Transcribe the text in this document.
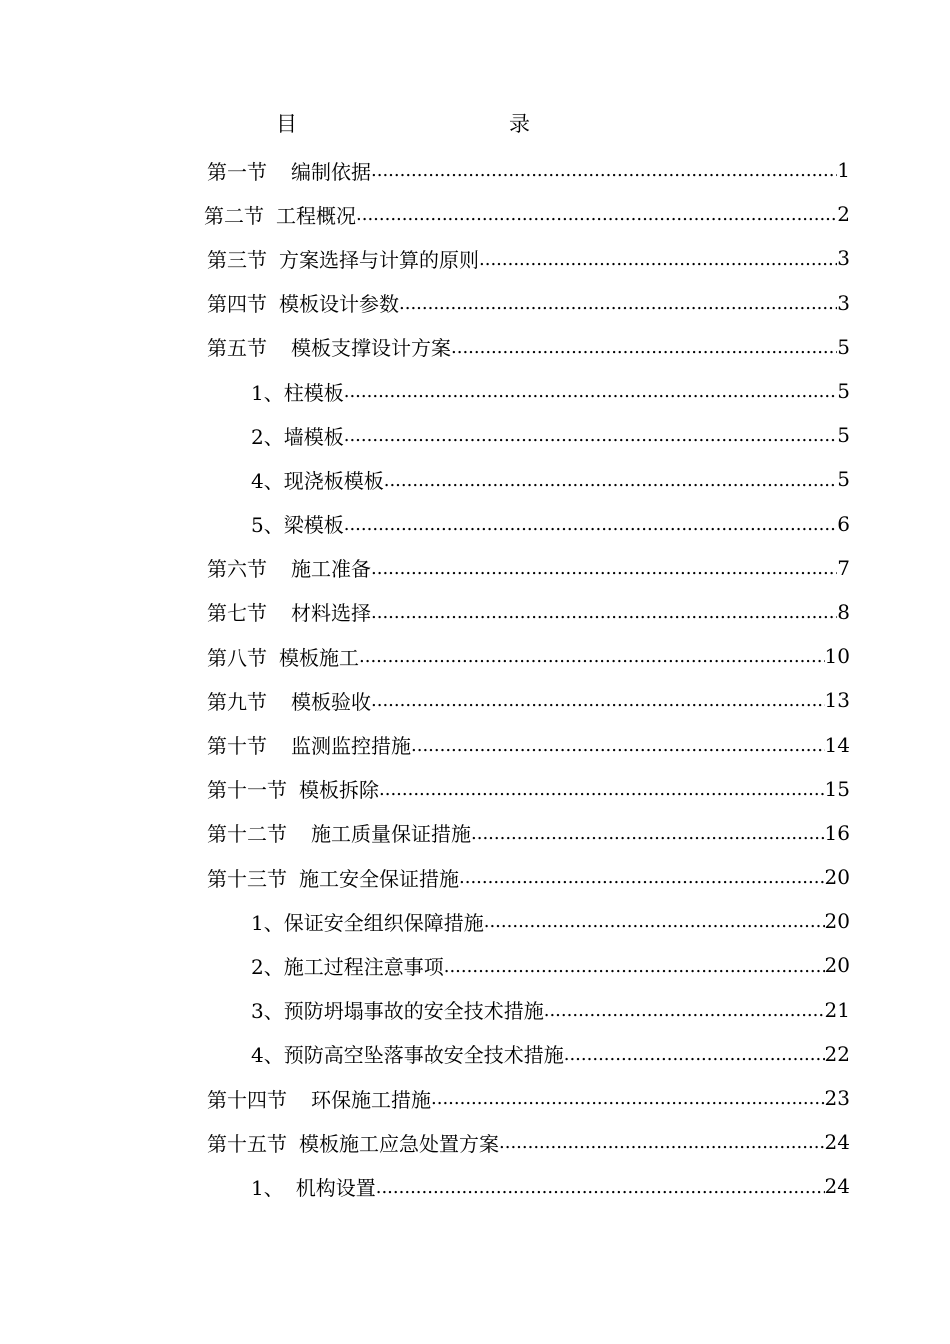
目	录
第一节 编制依据 .....	1
第二节 工程概况 .....	2
第三节 方案选择与计算的原则 .....	3
第四节 模板设计参数 .....	3
第五节 模板支撑设计方案 .....	5
1、柱模板 .....	5
2、墙模板 .....	5
4、现浇板模板 .....	5
5、梁模板 .....	6
第六节 施工准备 .....	7
第七节 材料选择 .....	8
第八节 模板施工 .....	10
第九节 模板验收 .....	13
第十节 监测监控措施 .....	14
第十一节 模板拆除 .....	15
第十二节 施工质量保证措施 .....	16
第十三节 施工安全保证措施 .....	20
1、保证安全组织保障措施 .....	20
2、施工过程注意事项 .....	20
3、预防坍塌事故的安全技术措施 .....	21
4、预防高空坠落事故安全技术措施 .....	22
第十四节 环保施工措施 .....	23
第十五节 模板施工应急处置方案 .....	24
1、 机构设置 .....	24
